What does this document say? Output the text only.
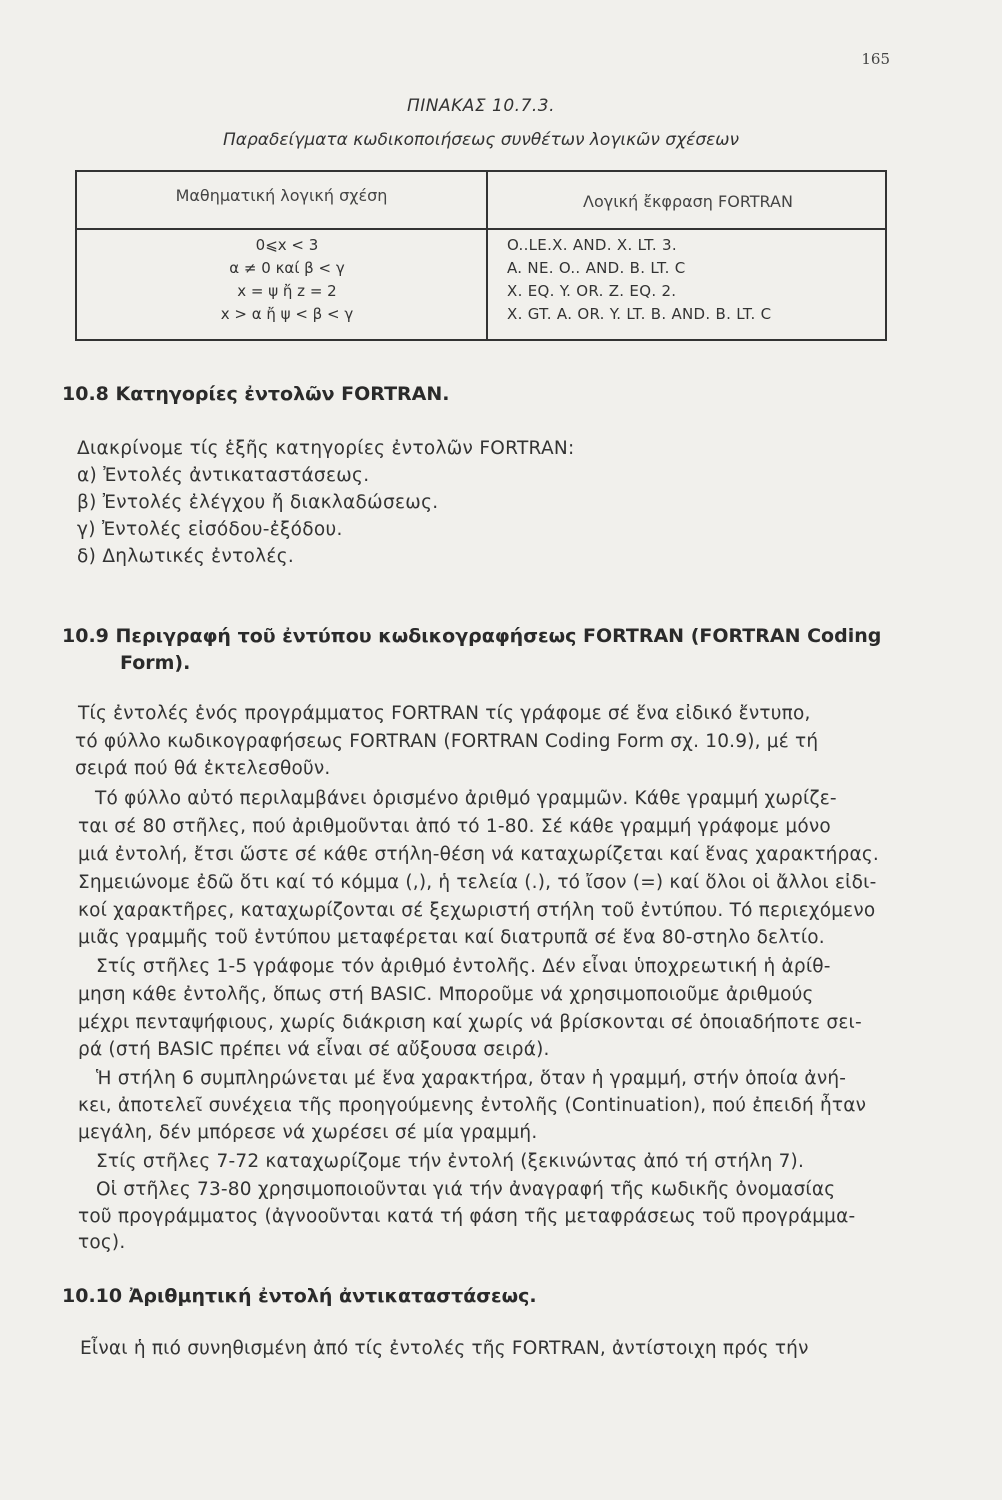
165
ΠΙΝΑΚΑΣ 10.7.3.
Παραδείγματα κωδικοποιήσεως συνθέτων λογικῶν σχέσεων
Μαθηματική λογική σχέση	Λογική ἔκφραση FORTRAN
0⩽x < 3
α ≠ 0 καί β < γ
x = ψ ἤ z = 2
x > α ἤ ψ < β < γ
O..LE.X. AND. X. LT. 3.
A. NE. O.. AND. B. LT. C
X. EQ. Y. OR. Z. EQ. 2.
X. GT. A. OR. Y. LT. B. AND. B. LT. C
10.8 Κατηγορίες ἐντολῶν FORTRAN.
Διακρίνομε τίς ἑξῆς κατηγορίες ἐντολῶν FORTRAN:
α) Ἐντολές ἀντικαταστάσεως.
β) Ἐντολές ἐλέγχου ἤ διακλαδώσεως.
γ) Ἐντολές εἰσόδου-ἐξόδου.
δ) Δηλωτικές ἐντολές.
10.9 Περιγραφή τοῦ ἐντύπου κωδικογραφήσεως FORTRAN (FORTRAN Coding
Form).
Τίς ἐντολές ἑνός προγράμματος FORTRAN τίς γράφομε σέ ἕνα εἰδικό ἔντυπο,
τό φύλλο κωδικογραφήσεως FORTRAN (FORTRAN Coding Form σχ. 10.9), μέ τή
σειρά πού θά ἐκτελεσθοῦν.
Τό φύλλο αὐτό περιλαμβάνει ὁρισμένο ἀριθμό γραμμῶν. Κάθε γραμμή χωρίζε-
ται σέ 80 στῆλες, πού ἀριθμοῦνται ἀπό τό 1-80. Σέ κάθε γραμμή γράφομε μόνο
μιά ἐντολή, ἔτσι ὥστε σέ κάθε στήλη-θέση νά καταχωρίζεται καί ἕνας χαρακτήρας.
Σημειώνομε ἐδῶ ὅτι καί τό κόμμα (,), ἡ τελεία (.), τό ἴσον (=) καί ὅλοι οἱ ἄλλοι εἰδι-
κοί χαρακτῆρες, καταχωρίζονται σέ ξεχωριστή στήλη τοῦ ἐντύπου. Τό περιεχόμενο
μιᾶς γραμμῆς τοῦ ἐντύπου μεταφέρεται καί διατρυπᾶ σέ ἕνα 80-στηλο δελτίο.
Στίς στῆλες 1-5 γράφομε τόν ἀριθμό ἐντολῆς. Δέν εἶναι ὑποχρεωτική ἡ ἀρίθ-
μηση κάθε ἐντολῆς, ὅπως στή BASIC. Μποροῦμε νά χρησιμοποιοῦμε ἀριθμούς
μέχρι πενταψήφιους, χωρίς διάκριση καί χωρίς νά βρίσκονται σέ ὁποιαδήποτε σει-
ρά (στή BASIC πρέπει νά εἶναι σέ αὔξουσα σειρά).
Ἡ στήλη 6 συμπληρώνεται μέ ἕνα χαρακτήρα, ὅταν ἡ γραμμή, στήν ὁποία ἀνή-
κει, ἀποτελεῖ συνέχεια τῆς προηγούμενης ἐντολῆς (Continuation), πού ἐπειδή ἦταν
μεγάλη, δέν μπόρεσε νά χωρέσει σέ μία γραμμή.
Στίς στῆλες 7-72 καταχωρίζομε τήν ἐντολή (ξεκινώντας ἀπό τή στήλη 7).
Οἱ στῆλες 73-80 χρησιμοποιοῦνται γιά τήν ἀναγραφή τῆς κωδικῆς ὀνομασίας
τοῦ προγράμματος (ἀγνοοῦνται κατά τή φάση τῆς μεταφράσεως τοῦ προγράμμα-
τος).
10.10 Ἀριθμητική ἐντολή ἀντικαταστάσεως.
Εἶναι ἡ πιό συνηθισμένη ἀπό τίς ἐντολές τῆς FORTRAN, ἀντίστοιχη πρός τήν
